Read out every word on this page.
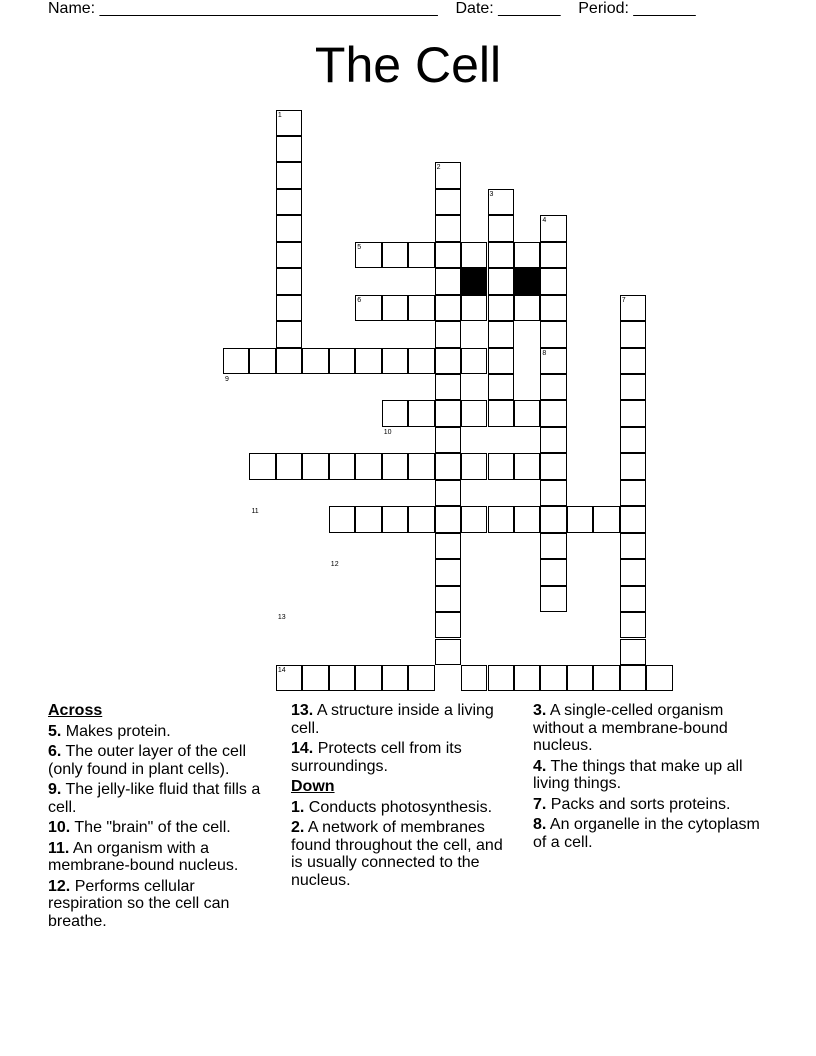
Name: ______________________________________    Date: _______    Period: _______
The Cell
1
2
3
4
5
6	7
8
9
10
11
12
13
14
Across
5. Makes protein.
6. The outer layer of the cell (only found in plant cells).
9. The jelly-like fluid that fills a cell.
10. The "brain" of the cell.
11. An organism with a membrane-bound nucleus.
12. Performs cellular respiration so the cell can breathe.
13. A structure inside a living cell.
14. Protects cell from its surroundings.
Down
1. Conducts photosynthesis.
2. A network of membranes found throughout the cell, and is usually connected to the nucleus.
3. A single-celled organism without a membrane-bound nucleus.
4. The things that make up all living things.
7. Packs and sorts proteins.
8. An organelle in the cytoplasm of a cell.
